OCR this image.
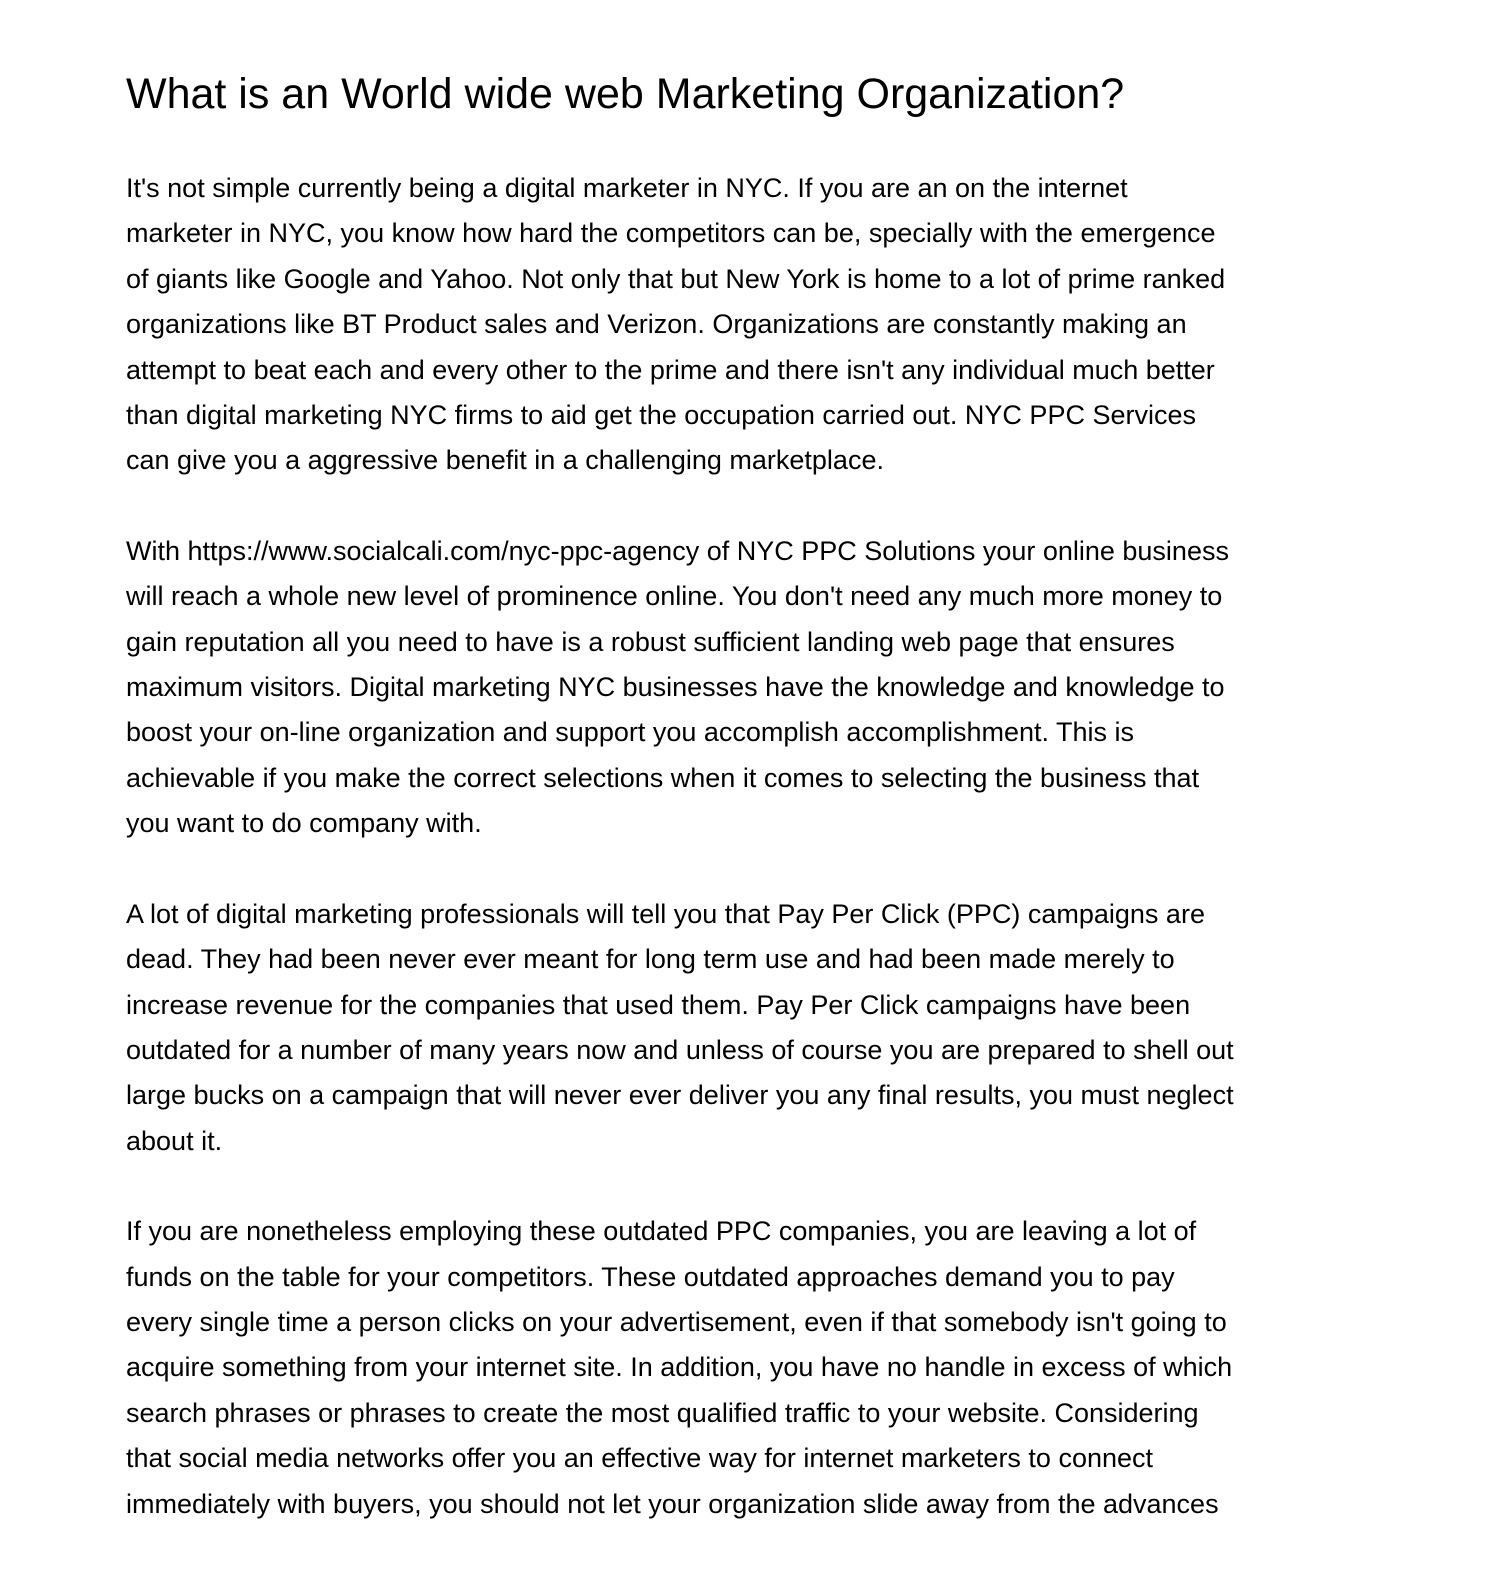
What is an World wide web Marketing Organization?

It's not simple currently being a digital marketer in NYC. If you are an on the internet
marketer in NYC, you know how hard the competitors can be, specially with the emergence
of giants like Google and Yahoo. Not only that but New York is home to a lot of prime ranked
organizations like BT Product sales and Verizon. Organizations are constantly making an
attempt to beat each and every other to the prime and there isn't any individual much better
than digital marketing NYC firms to aid get the occupation carried out. NYC PPC Services
can give you a aggressive benefit in a challenging marketplace.

With https://www.socialcali.com/nyc-ppc-agency of NYC PPC Solutions your online business
will reach a whole new level of prominence online. You don't need any much more money to
gain reputation all you need to have is a robust sufficient landing web page that ensures
maximum visitors. Digital marketing NYC businesses have the knowledge and knowledge to
boost your on-line organization and support you accomplish accomplishment. This is
achievable if you make the correct selections when it comes to selecting the business that
you want to do company with.

A lot of digital marketing professionals will tell you that Pay Per Click (PPC) campaigns are
dead. They had been never ever meant for long term use and had been made merely to
increase revenue for the companies that used them. Pay Per Click campaigns have been
outdated for a number of many years now and unless of course you are prepared to shell out
large bucks on a campaign that will never ever deliver you any final results, you must neglect
about it.

If you are nonetheless employing these outdated PPC companies, you are leaving a lot of
funds on the table for your competitors. These outdated approaches demand you to pay
every single time a person clicks on your advertisement, even if that somebody isn't going to
acquire something from your internet site. In addition, you have no handle in excess of which
search phrases or phrases to create the most qualified traffic to your website. Considering
that social media networks offer you an effective way for internet marketers to connect
immediately with buyers, you should not let your organization slide away from the advances
